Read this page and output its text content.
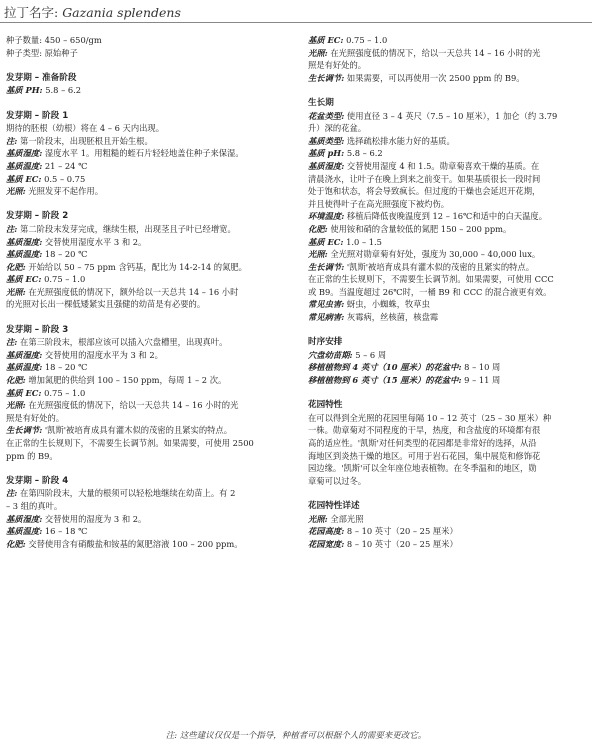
拉丁名字: Gazania splendens
种子数量: 450 – 650/gm
种子类型: 原始种子
发芽期 – 准备阶段
基质 PH: 5.8 – 6.2
发芽期 – 阶段 1
期待的胚根（幼根）将在 4 – 6 天内出现。
注: 第一阶段末，出现胚根且开始生根。
基质湿度: 湿度水平 1。用粗糙的蛭石片轻轻地盖住种子来保湿。
基质温度: 21 – 24 ℃
基质 EC: 0.5 – 0.75
光照: 光照发芽不起作用。
发芽期 – 阶段 2
注: 第二阶段末发芽完成，继续生根，出现茎且子叶已经增宽。
基质湿度: 交替使用湿度水平 3 和 2。
基质温度: 18 – 20 ℃
化肥: 开始给以 50 – 75 ppm 含钙基，配比为 14-2-14 的氮肥。
基质 EC: 0.75 – 1.0
光照: 在光照强度低的情况下，额外给以一天总共 14 – 16 小时
的光照对长出一棵低矮紧实且强健的幼苗是有必要的。
发芽期 – 阶段 3
注: 在第三阶段末，根部应该可以插入穴盘槽里，出现真叶。
基质湿度: 交替使用的湿度水平为 3 和 2。
基质温度: 18 – 20 ℃
化肥: 增加氮肥的供给到 100 – 150 ppm，每周 1 – 2 次。
基质 EC: 0.75 – 1.0
光照: 在光照强度低的情况下，给以一天总共 14 – 16 小时的光
照是有好处的。
生长调节: '凯斯'被培育成具有灌木似的茂密的且紧实的特点。
在正常的生长规则下，不需要生长调节剂。如果需要，可使用 2500
ppm 的 B9。
发芽期 – 阶段 4
注: 在第四阶段末，大量的根须可以轻松地继续在幼苗上。有 2
– 3 组的真叶。
基质湿度: 交替使用的湿度为 3 和 2。
基质温度: 16 – 18 ℃
化肥: 交替使用含有硝酸盐和铵基的氮肥溶液 100 – 200 ppm。
基质 EC: 0.75 – 1.0
光照: 在光照强度低的情况下，给以一天总共 14 – 16 小时的光
照是有好处的。
生长调节: 如果需要，可以再使用一次 2500 ppm 的 B9。
生长期
花盆类型: 使用直径 3 – 4 英尺（7.5 – 10 厘米），1 加仑（约 3.79
升）深的花盆。
基质类型: 选择疏松排水能力好的基质。
基质 pH: 5.8 – 6.2
基质湿度: 交替使用湿度 4 和 1.5。勋章菊喜欢干燥的基质。在
清晨浇水，让叶子在晚上到来之前变干。如果基质很长一段时间
处于饱和状态，将会导致疯长。但过度的干燥也会延迟开花期，
并且使得叶子在高光照强度下被灼伤。
环境温度: 移植后降低夜晚温度到 12 – 16℃和适中的白天温度。
化肥: 使用铵和硝的含量较低的氮肥 150 – 200 ppm。
基质 EC: 1.0 – 1.5
光照: 全光照对勋章菊有好处，强度为 30,000 – 40,000 lux。
生长调节: '凯斯'被培育成具有灌木似的茂密的且紧实的特点。
在正常的生长规则下，不需要生长调节剂。如果需要，可使用 CCC
或 B9。当温度超过 26℃时，一桶 B9 和 CCC 的混合液更有效。
常见虫害: 蚜虫，小蜘蛛，牧草虫
常见病害: 灰霉病，丝核菌，核盘霉
时序安排
穴盘幼苗期: 5 – 6 周
移植植物到 4 英寸（10 厘米）的花盆中: 8 – 10 周
移植植物到 6 英寸（15 厘米）的花盆中: 9 – 11 周
花园特性
在可以得到全光照的花园里每隔 10 – 12 英寸（25 – 30 厘米）种
一株。勋章菊对不同程度的干旱，热度，和含盐度的环境都有很
高的适应性。'凯斯'对任何类型的花园都是非常好的选择，从沿
海地区到炎热干燥的地区。可用于岩石花园，集中展览和修饰花
园边缘。'凯斯'可以全年座位地表植物。在冬季温和的地区，勋
章菊可以过冬。
花园特性详述
光照: 全部光照
花园高度: 8 – 10 英寸（20 – 25 厘米）
花园宽度: 8 – 10 英寸（20 – 25 厘米）
注: 这些建议仅仅是一个指导，种植者可以根据个人的需要来更改它。
